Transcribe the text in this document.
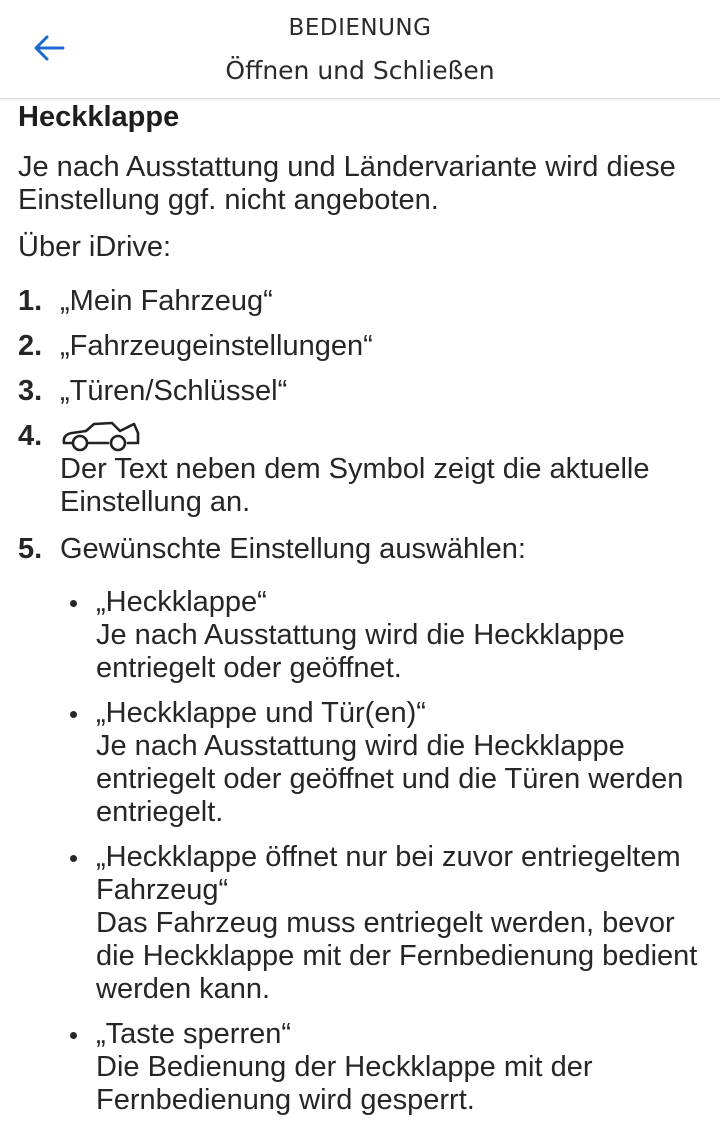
BEDIENUNG
Öffnen und Schließen
Heckklappe

Je nach Ausstattung und Ländervariante wird diese Einstellung ggf. nicht angeboten.

Über iDrive:

1. „Mein Fahrzeug“
2. „Fahrzeugeinstellungen“
3. „Türen/Schlüssel“
4.
Der Text neben dem Symbol zeigt die aktuelle Einstellung an.
5. Gewünschte Einstellung auswählen:
„Heckklappe“
Je nach Ausstattung wird die Heckklappe entriegelt oder geöffnet.
„Heckklappe und Tür(en)“
Je nach Ausstattung wird die Heckklappe entriegelt oder geöffnet und die Türen werden entriegelt.
„Heckklappe öffnet nur bei zuvor entriegeltem Fahrzeug“
Das Fahrzeug muss entriegelt werden, bevor die Heckklappe mit der Fernbedienung bedient werden kann.
„Taste sperren“
Die Bedienung der Heckklappe mit der Fernbedienung wird gesperrt.
